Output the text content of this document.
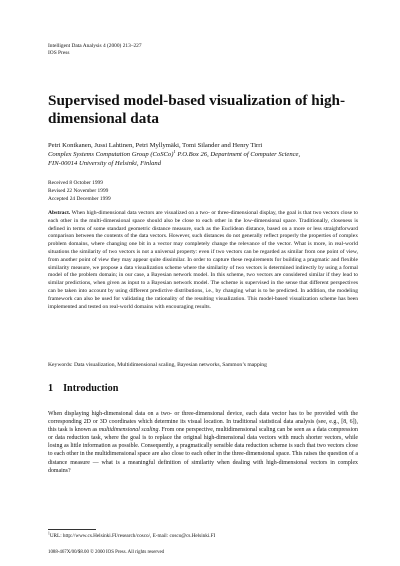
Intelligent Data Analysis 4 (2000) 213–227
IOS Press
Supervised model-based visualization of high-dimensional data
Petri Kontkanen, Jussi Lahtinen, Petri Myllymäki, Tomi Silander and Henry Tirri
Complex Systems Computation Group (CoSCo)$^1$ P.O.Box 26, Department of Computer Science,
FIN-00014 University of Helsinki, Finland
Received 8 October 1999
Revised 22 November 1999
Accepted 24 December 1999
Abstract. When high-dimensional data vectors are visualized on a two- or three-dimensional display, the goal is that two vectors close to each other in the multi-dimensional space should also be close to each other in the low-dimensional space. Traditionally, closeness is defined in terms of some standard geometric distance measure, such as the Euclidean distance, based on a more or less straightforward comparison between the contents of the data vectors. However, such distances do not generally reflect properly the properties of complex problem domains, where changing one bit in a vector may completely change the relevance of the vector. What is more, in real-world situations the similarity of two vectors is not a universal property: even if two vectors can be regarded as similar from one point of view, from another point of view they may appear quite dissimilar. In order to capture these requirements for building a pragmatic and flexible similarity measure, we propose a data visualization scheme where the similarity of two vectors is determined indirectly by using a formal model of the problem domain; in our case, a Bayesian network model. In this scheme, two vectors are considered similar if they lead to similar predictions, when given as input to a Bayesian network model. The scheme is supervised in the sense that different perspectives can be taken into account by using different predictive distributions, i.e., by changing what is to be predicted. In addition, the modeling framework can also be used for validating the rationality of the resulting visualization. This model-based visualization scheme has been implemented and tested on real-world domains with encouraging results.
Keywords: Data visualization, Multidimensional scaling, Bayesian networks, Sammon’s mapping
1 Introduction
When displaying high-dimensional data on a two- or three-dimensional device, each data vector has to be provided with the corresponding 2D or 3D coordinates which determine its visual location. In traditional statistical data analysis (see, e.g., [8, 6]), this task is known as multidimensional scaling. From one perspective, multidimensional scaling can be seen as a data compression or data reduction task, where the goal is to replace the original high-dimensional data vectors with much shorter vectors, while losing as little information as possible. Consequently, a pragmatically sensible data reduction scheme is such that two vectors close to each other in the multidimensional space are also close to each other in the three-dimensional space. This raises the question of a distance measure — what is a meaningful definition of similarity when dealing with high-dimensional vectors in complex domains?
$^1$URL: http://www.cs.Helsinki.FI/research/cosco/, E-mail: cosco@cs.Helsinki.FI
1088-467X/00/$8.00 © 2000 IOS Press. All rights reserved
